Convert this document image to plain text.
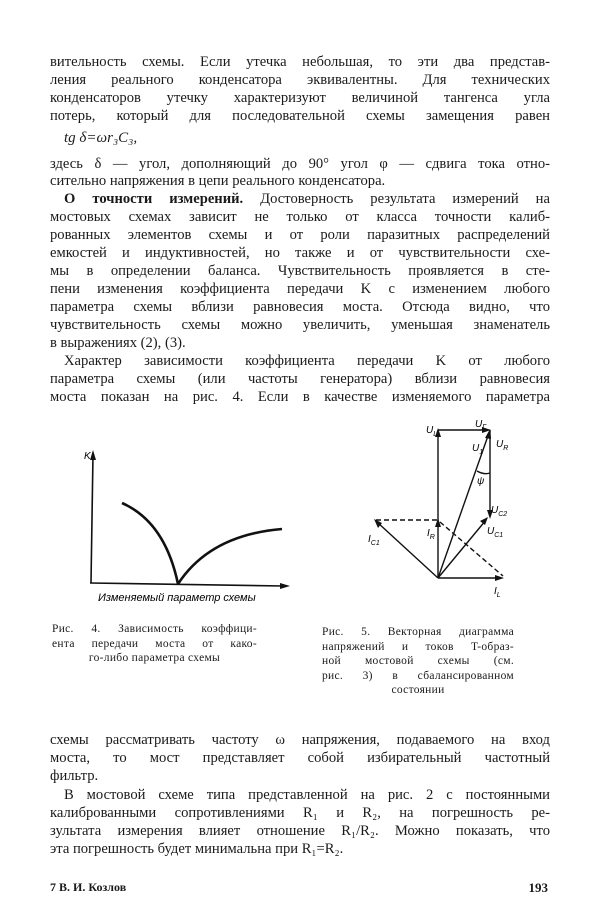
вительность схемы. Если утечка небольшая, то эти два представ-
ления реального конденсатора эквивалентны. Для технических
конденсаторов утечку характеризуют величиной тангенса угла
потерь, который для последовательной схемы замещения равен
tg δ=ωr₃C₃,
здесь δ — угол, дополняющий до 90° угол φ — сдвига тока отно-
сительно напряжения в цепи реального конденсатора.
О точности измерений. Достоверность результата измерений на
мостовых схемах зависит не только от класса точности калиб-
рованных элементов схемы и от роли паразитных распределений
емкостей и индуктивностей, но также и от чувствительности схе-
мы в определении баланса. Чувствительность проявляется в сте-
пени изменения коэффициента передачи K с изменением любого
параметра схемы вблизи равновесия моста. Отсюда видно, что
чувствительность схемы можно увеличить, уменьшая знаменатель
в выражениях (2), (3).
Характер зависимости коэффициента передачи K от любого
параметра схемы (или частоты генератора) вблизи равновесия
моста показан на рис. 4. Если в качестве изменяемого параметра
K
Изменяемый параметр схемы
$U_L$
$U_Г$
$U_R$
$U_1$
ψ
$U_{C2}$
$U_{C1}$
$I_R$
$I_{C1}$
$I_L$
Рис. 4. Зависимость коэффици-
ента передачи моста от како-
го-либо параметра схемы
Рис. 5. Векторная диаграмма
напряжений и токов T-образ-
ной мостовой схемы (см.
рис. 3) в сбалансированном
состоянии
схемы рассматривать частоту ω напряжения, подаваемого на вход
моста, то мост представляет собой избирательный частотный
фильтр.
В мостовой схеме типа представленной на рис. 2 с постоянными
калиброванными сопротивлениями R₁ и R₂, на погрешность ре-
зультата измерения влияет отношение R₁/R₂. Можно показать, что
эта погрешность будет минимальна при R₁=R₂.
7 В. И. Козлов	193
